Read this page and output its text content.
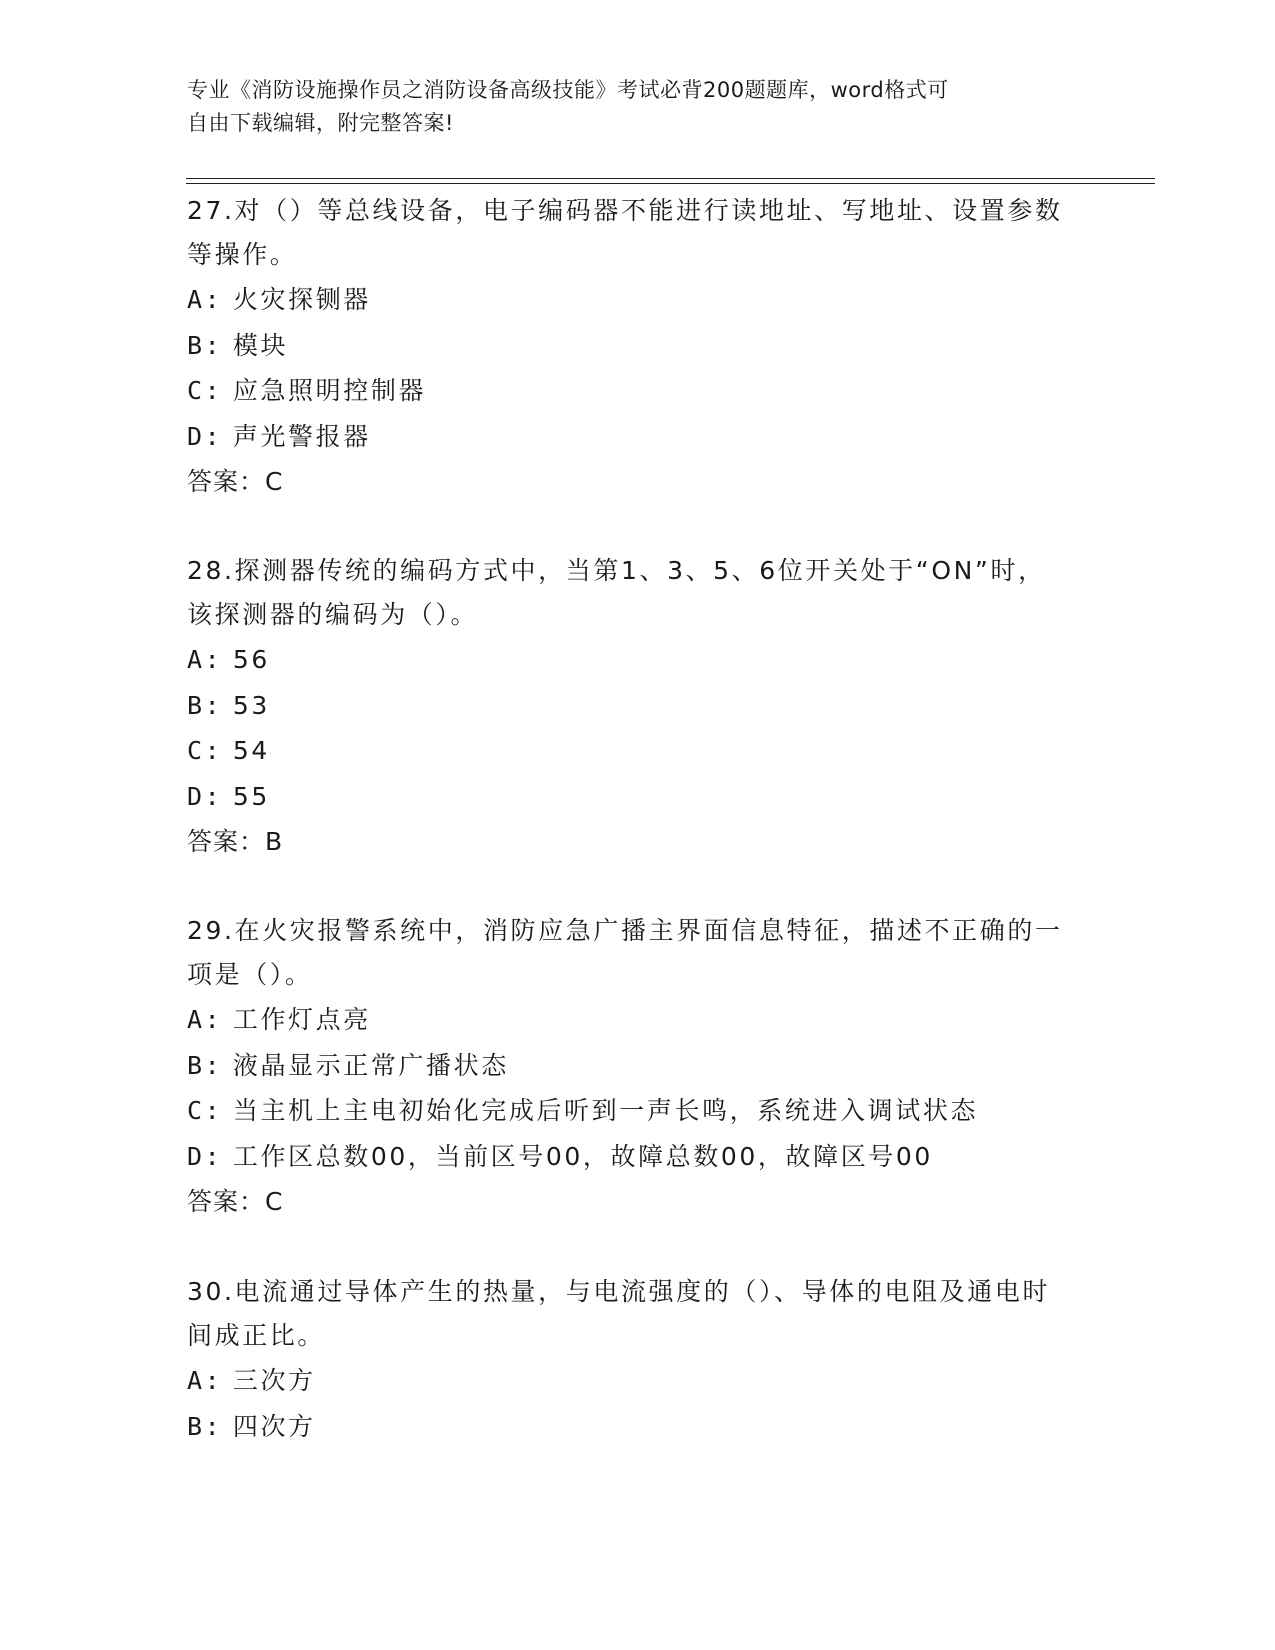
专业《消防设施操作员之消防设备高级技能》考试必背200题题库，word格式可
自由下载编辑，附完整答案!

27.对（）等总线设备，电子编码器不能进行读地址、写地址、设置参数等操作。

A: 火灾探铡器
B: 模块
C: 应急照明控制器
D: 声光警报器
答案：C

28.探测器传统的编码方式中，当第1、3、5、6位开关处于“ON”时，该探测器的编码为（）。

A: 56
B: 53
C: 54
D: 55
答案：B

29.在火灾报警系统中，消防应急广播主界面信息特征，描述不正确的一项是（）。

A: 工作灯点亮
B: 液晶显示正常广播状态
C: 当主机上主电初始化完成后听到一声长鸣，系统进入调试状态
D: 工作区总数00，当前区号00，故障总数00，故障区号00
答案：C

30.电流通过导体产生的热量，与电流强度的（）、导体的电阻及通电时间成正比。

A: 三次方
B: 四次方
